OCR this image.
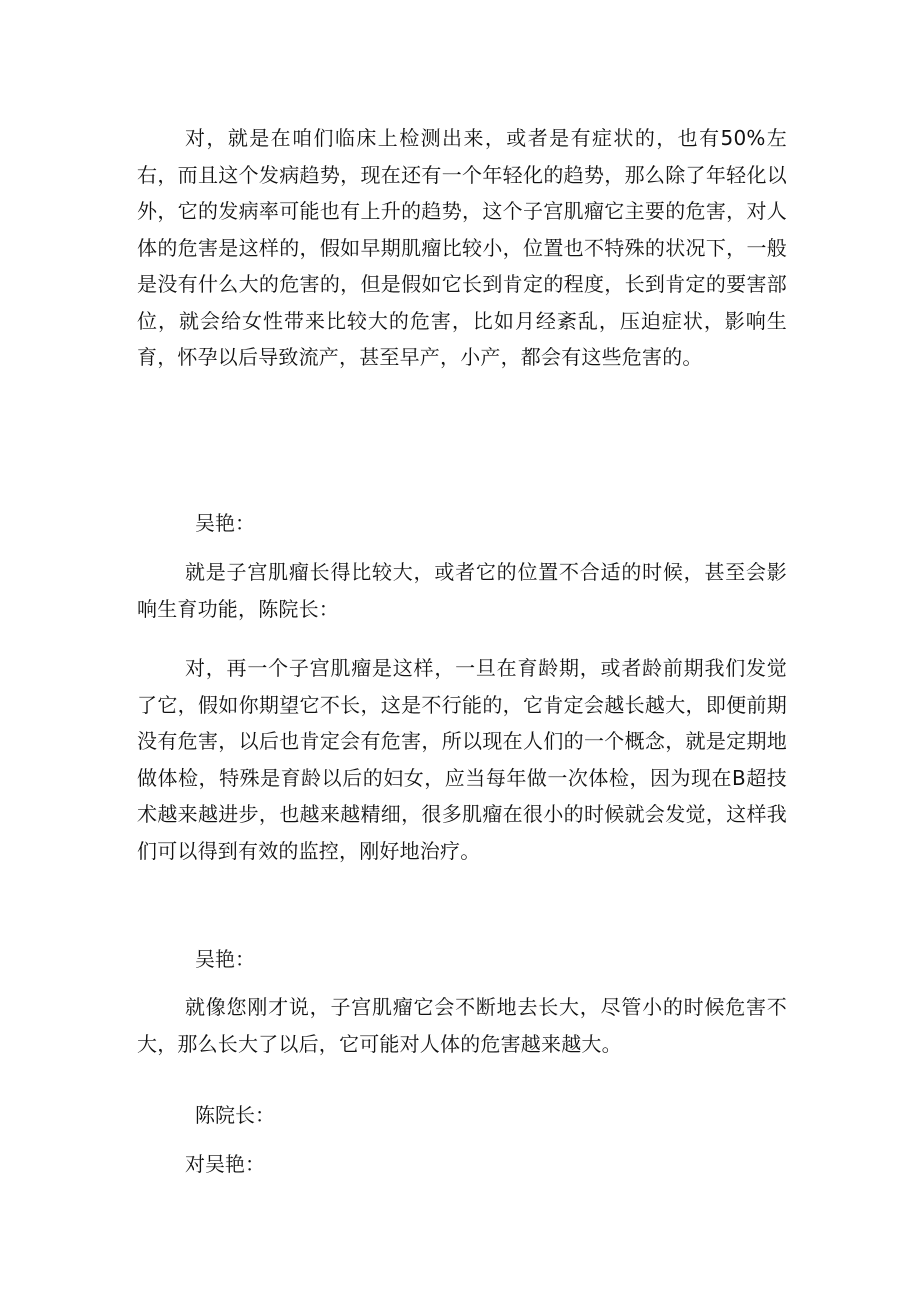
对，就是在咱们临床上检测出来，或者是有症状的，也有50%左右，而且这个发病趋势，现在还有一个年轻化的趋势，那么除了年轻化以外，它的发病率可能也有上升的趋势，这个子宫肌瘤它主要的危害，对人体的危害是这样的，假如早期肌瘤比较小，位置也不特殊的状况下，一般是没有什么大的危害的，但是假如它长到肯定的程度，长到肯定的要害部位，就会给女性带来比较大的危害，比如月经紊乱，压迫症状，影响生育，怀孕以后导致流产，甚至早产，小产，都会有这些危害的。

吴艳：

就是子宫肌瘤长得比较大，或者它的位置不合适的时候，甚至会影响生育功能，陈院长：

对，再一个子宫肌瘤是这样，一旦在育龄期，或者龄前期我们发觉了它，假如你期望它不长，这是不行能的，它肯定会越长越大，即便前期没有危害，以后也肯定会有危害，所以现在人们的一个概念，就是定期地做体检，特殊是育龄以后的妇女，应当每年做一次体检，因为现在B超技术越来越进步，也越来越精细，很多肌瘤在很小的时候就会发觉，这样我们可以得到有效的监控，刚好地治疗。

吴艳：

就像您刚才说，子宫肌瘤它会不断地去长大，尽管小的时候危害不大，那么长大了以后，它可能对人体的危害越来越大。

陈院长：

对吴艳：
